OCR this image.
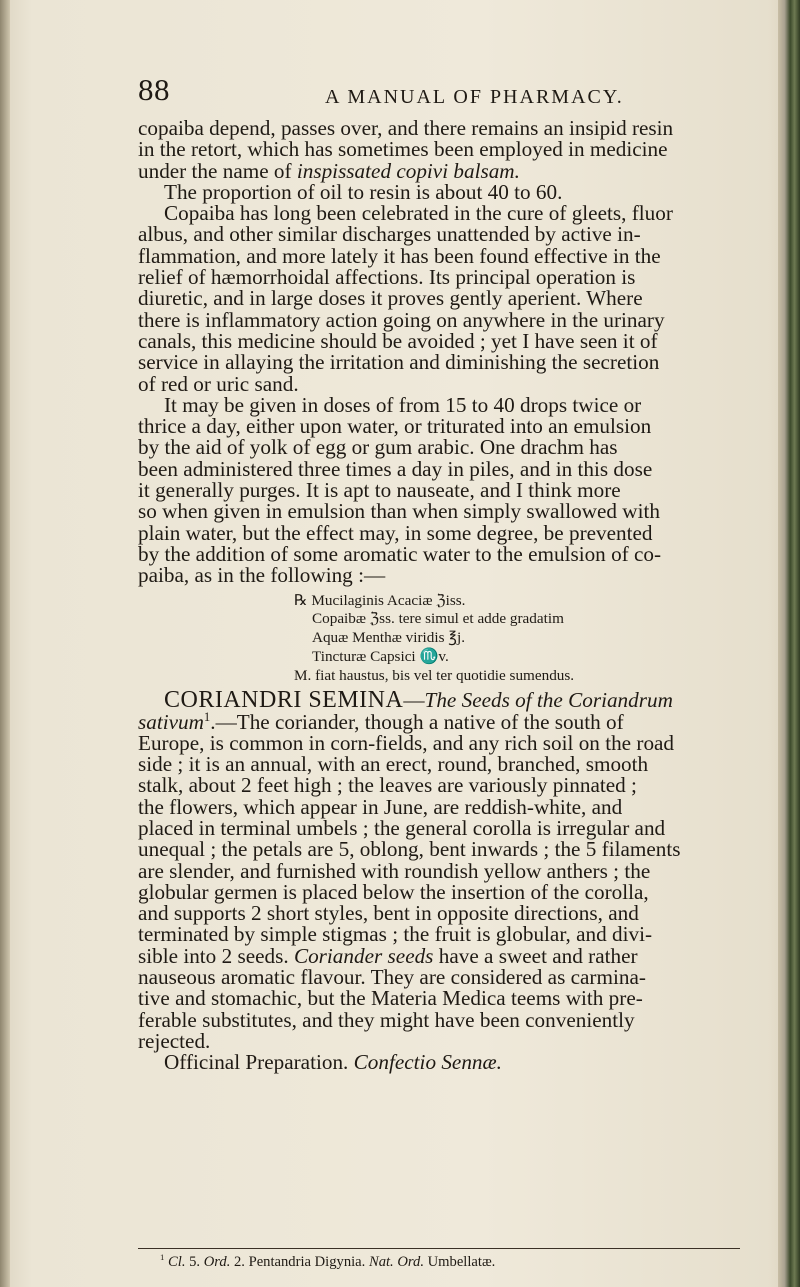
88	A MANUAL OF PHARMACY.
copaiba depend, passes over, and there remains an insipid resin
in the retort, which has sometimes been employed in medicine
under the name of inspissated copivi balsam.
The proportion of oil to resin is about 40 to 60.
Copaiba has long been celebrated in the cure of gleets, fluor
albus, and other similar discharges unattended by active in-
flammation, and more lately it has been found effective in the
relief of hæmorrhoidal affections. Its principal operation is
diuretic, and in large doses it proves gently aperient. Where
there is inflammatory action going on anywhere in the urinary
canals, this medicine should be avoided ; yet I have seen it of
service in allaying the irritation and diminishing the secretion
of red or uric sand.
It may be given in doses of from 15 to 40 drops twice or
thrice a day, either upon water, or triturated into an emulsion
by the aid of yolk of egg or gum arabic. One drachm has
been administered three times a day in piles, and in this dose
it generally purges. It is apt to nauseate, and I think more
so when given in emulsion than when simply swallowed with
plain water, but the effect may, in some degree, be prevented
by the addition of some aromatic water to the emulsion of co-
paiba, as in the following :—
℞ Mucilaginis Acaciæ ℨiss.
Copaibæ ℨss. tere simul et adde gradatim
Aquæ Menthæ viridis ℥j.
Tincturæ Capsici ♏v.
M. fiat haustus, bis vel ter quotidie sumendus.
CORIANDRI SEMINA—The Seeds of the Coriandrum
sativum$^1$.—The coriander, though a native of the south of
Europe, is common in corn-fields, and any rich soil on the road
side ; it is an annual, with an erect, round, branched, smooth
stalk, about 2 feet high ; the leaves are variously pinnated ;
the flowers, which appear in June, are reddish-white, and
placed in terminal umbels ; the general corolla is irregular and
unequal ; the petals are 5, oblong, bent inwards ; the 5 filaments
are slender, and furnished with roundish yellow anthers ; the
globular germen is placed below the insertion of the corolla,
and supports 2 short styles, bent in opposite directions, and
terminated by simple stigmas ; the fruit is globular, and divi-
sible into 2 seeds. Coriander seeds have a sweet and rather
nauseous aromatic flavour. They are considered as carmina-
tive and stomachic, but the Materia Medica teems with pre-
ferable substitutes, and they might have been conveniently
rejected.
Officinal Preparation. Confectio Sennæ.
$^1$ Cl. 5. Ord. 2. Pentandria Digynia. Nat. Ord. Umbellatæ.
